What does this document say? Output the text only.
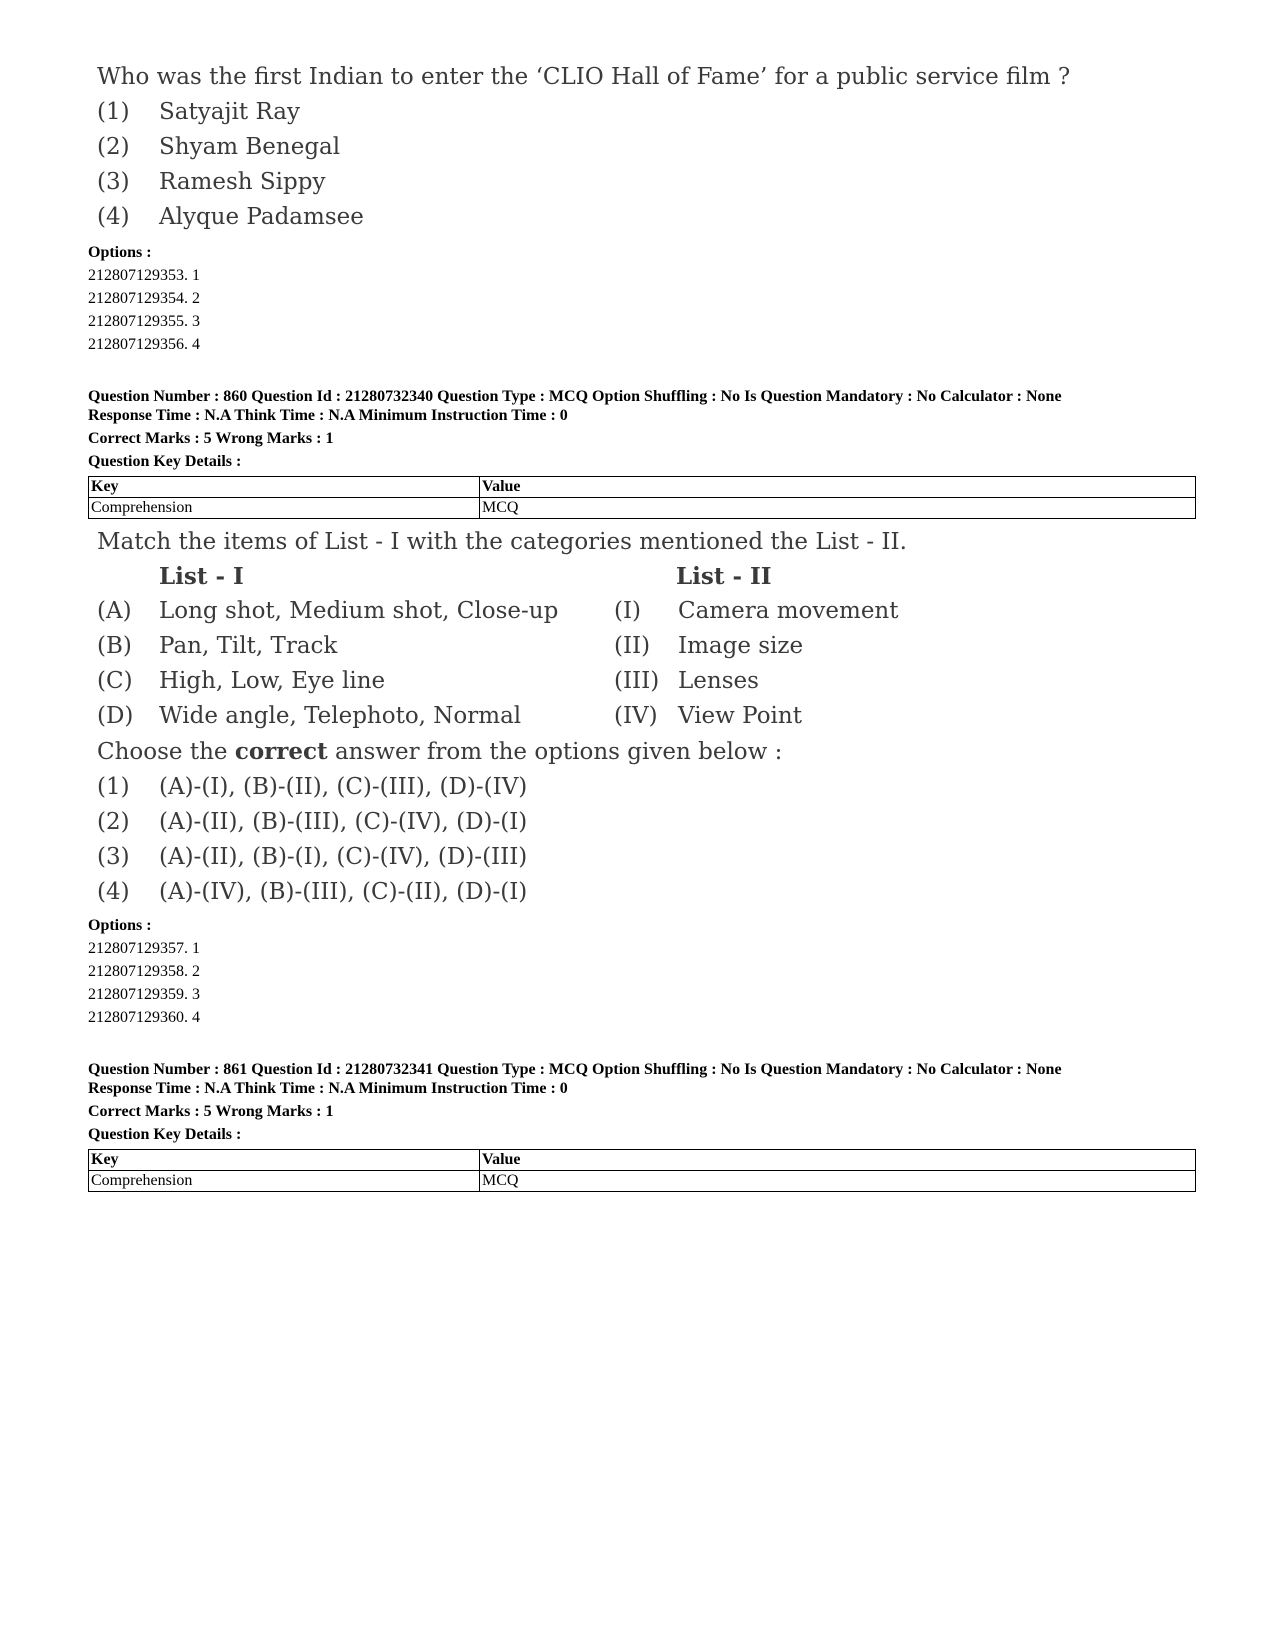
Who was the first Indian to enter the ‘CLIO Hall of Fame’ for a public service film ?
(1)	Satyajit Ray
(2)	Shyam Benegal
(3)	Ramesh Sippy
(4)	Alyque Padamsee
Options :
212807129353. 1
212807129354. 2
212807129355. 3
212807129356. 4
Question Number : 860 Question Id : 21280732340 Question Type : MCQ Option Shuffling : No Is Question Mandatory : No Calculator : None
Response Time : N.A Think Time : N.A Minimum Instruction Time : 0
Correct Marks : 5 Wrong Marks : 1
Question Key Details :
Key	Value
Comprehension	MCQ
Match the items of List - I with the categories mentioned the List - II.
List - I	List - II
(A)	Long shot, Medium shot, Close-up	(I)	Camera movement
(B)	Pan, Tilt, Track	(II)	Image size
(C)	High, Low, Eye line	(III) Lenses
(D)	Wide angle, Telephoto, Normal	(IV) View Point
Choose the correct answer from the options given below :
(1)	(A)-(I), (B)-(II), (C)-(III), (D)-(IV)
(2)	(A)-(II), (B)-(III), (C)-(IV), (D)-(I)
(3)	(A)-(II), (B)-(I), (C)-(IV), (D)-(III)
(4)	(A)-(IV), (B)-(III), (C)-(II), (D)-(I)
Options :
212807129357. 1
212807129358. 2
212807129359. 3
212807129360. 4
Question Number : 861 Question Id : 21280732341 Question Type : MCQ Option Shuffling : No Is Question Mandatory : No Calculator : None
Response Time : N.A Think Time : N.A Minimum Instruction Time : 0
Correct Marks : 5 Wrong Marks : 1
Question Key Details :
Key	Value
Comprehension	MCQ
